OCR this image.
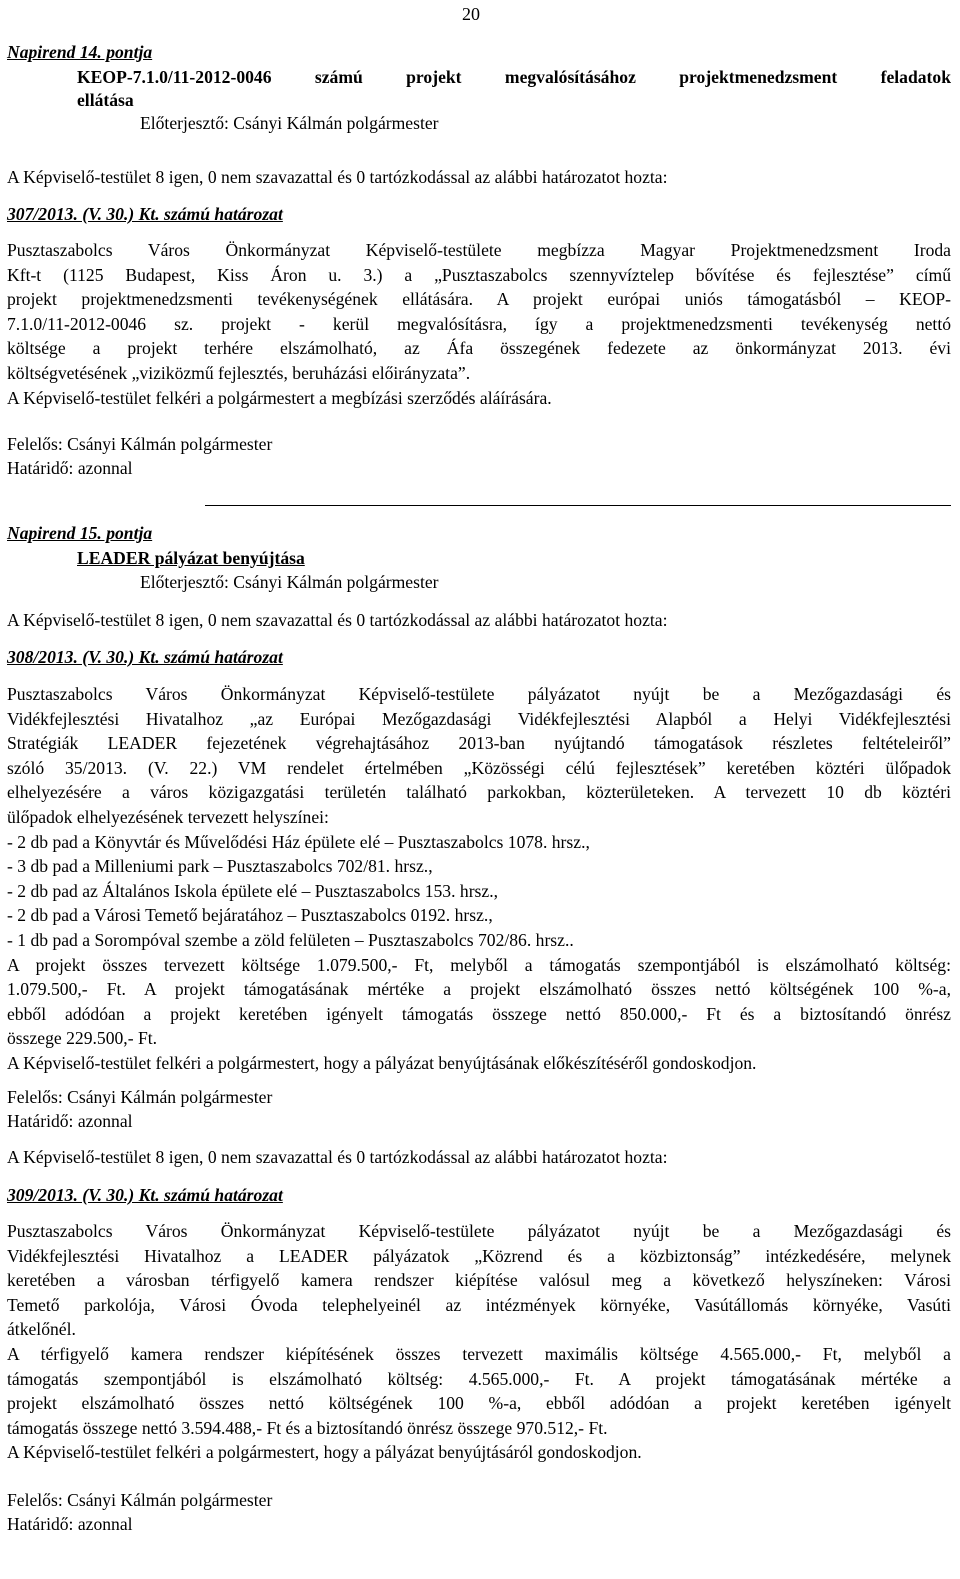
20
Napirend 14. pontja

KEOP-7.1.0/11-2012-0046 számú projekt megvalósításához projektmenedzsment feladatok

ellátása

Előterjesztő: Csányi Kálmán polgármester

A Képviselő-testület 8 igen, 0 nem szavazattal és 0 tartózkodással az alábbi határozatot hozta:

307/2013. (V. 30.) Kt. számú határozat

Pusztaszabolcs Város Önkormányzat Képviselő-testülete megbízza Magyar Projektmenedzsment Iroda

Kft-t (1125 Budapest, Kiss Áron u. 3.) a „Pusztaszabolcs szennyvíztelep bővítése és fejlesztése” című

projekt projektmenedzsmenti tevékenységének ellátására. A projekt európai uniós támogatásból – KEOP-

7.1.0/11-2012-0046 sz. projekt - kerül megvalósításra, így a projektmenedzsmenti tevékenység nettó

költsége a projekt terhére elszámolható, az Áfa összegének fedezete az önkormányzat 2013. évi

költségvetésének „viziközmű fejlesztés, beruházási előirányzata”.

A Képviselő-testület felkéri a polgármestert a megbízási szerződés aláírására.

Felelős: Csányi Kálmán polgármester

Határidő: azonnal

Napirend 15. pontja

LEADER pályázat benyújtása

Előterjesztő: Csányi Kálmán polgármester

A Képviselő-testület 8 igen, 0 nem szavazattal és 0 tartózkodással az alábbi határozatot hozta:

308/2013. (V. 30.) Kt. számú határozat

Pusztaszabolcs Város Önkormányzat Képviselő-testülete pályázatot nyújt be a Mezőgazdasági és

Vidékfejlesztési Hivatalhoz „az Európai Mezőgazdasági Vidékfejlesztési Alapból a Helyi Vidékfejlesztési

Stratégiák LEADER fejezetének végrehajtásához 2013-ban nyújtandó támogatások részletes feltételeiről”

szóló 35/2013. (V. 22.) VM rendelet értelmében „Közösségi célú fejlesztések” keretében köztéri ülőpadok

elhelyezésére a város közigazgatási területén található parkokban, közterületeken. A tervezett 10 db köztéri

ülőpadok elhelyezésének tervezett helyszínei:

- 2 db pad a Könyvtár és Művelődési Ház épülete elé – Pusztaszabolcs 1078. hrsz.,

- 3 db pad a Milleniumi park – Pusztaszabolcs 702/81. hrsz.,

- 2 db pad az Általános Iskola épülete elé – Pusztaszabolcs 153. hrsz.,

- 2 db pad a Városi Temető bejáratához – Pusztaszabolcs 0192. hrsz.,

- 1 db pad a Sorompóval szembe a zöld felületen – Pusztaszabolcs 702/86. hrsz..

A projekt összes tervezett költsége 1.079.500,- Ft, melyből a támogatás szempontjából is elszámolható költség:

1.079.500,- Ft. A projekt támogatásának mértéke a projekt elszámolható összes nettó költségének 100 %-a,

ebből adódóan a projekt keretében igényelt támogatás összege nettó 850.000,- Ft és a biztosítandó önrész

összege 229.500,- Ft.

A Képviselő-testület felkéri a polgármestert, hogy a pályázat benyújtásának előkészítéséről gondoskodjon.

Felelős: Csányi Kálmán polgármester

Határidő: azonnal

A Képviselő-testület 8 igen, 0 nem szavazattal és 0 tartózkodással az alábbi határozatot hozta:

309/2013. (V. 30.) Kt. számú határozat

Pusztaszabolcs Város Önkormányzat Képviselő-testülete pályázatot nyújt be a Mezőgazdasági és

Vidékfejlesztési Hivatalhoz a LEADER pályázatok „Közrend és a közbiztonság” intézkedésére, melynek

keretében a városban térfigyelő kamera rendszer kiépítése valósul meg a következő helyszíneken: Városi

Temető parkolója, Városi Óvoda telephelyeinél az intézmények környéke, Vasútállomás környéke, Vasúti

átkelőnél.

A térfigyelő kamera rendszer kiépítésének összes tervezett maximális költsége 4.565.000,- Ft, melyből a

támogatás szempontjából is elszámolható költség: 4.565.000,- Ft. A projekt támogatásának mértéke a

projekt elszámolható összes nettó költségének 100 %-a, ebből adódóan a projekt keretében igényelt

támogatás összege nettó 3.594.488,- Ft és a biztosítandó önrész összege 970.512,- Ft.

A Képviselő-testület felkéri a polgármestert, hogy a pályázat benyújtásáról gondoskodjon.

Felelős: Csányi Kálmán polgármester

Határidő: azonnal
